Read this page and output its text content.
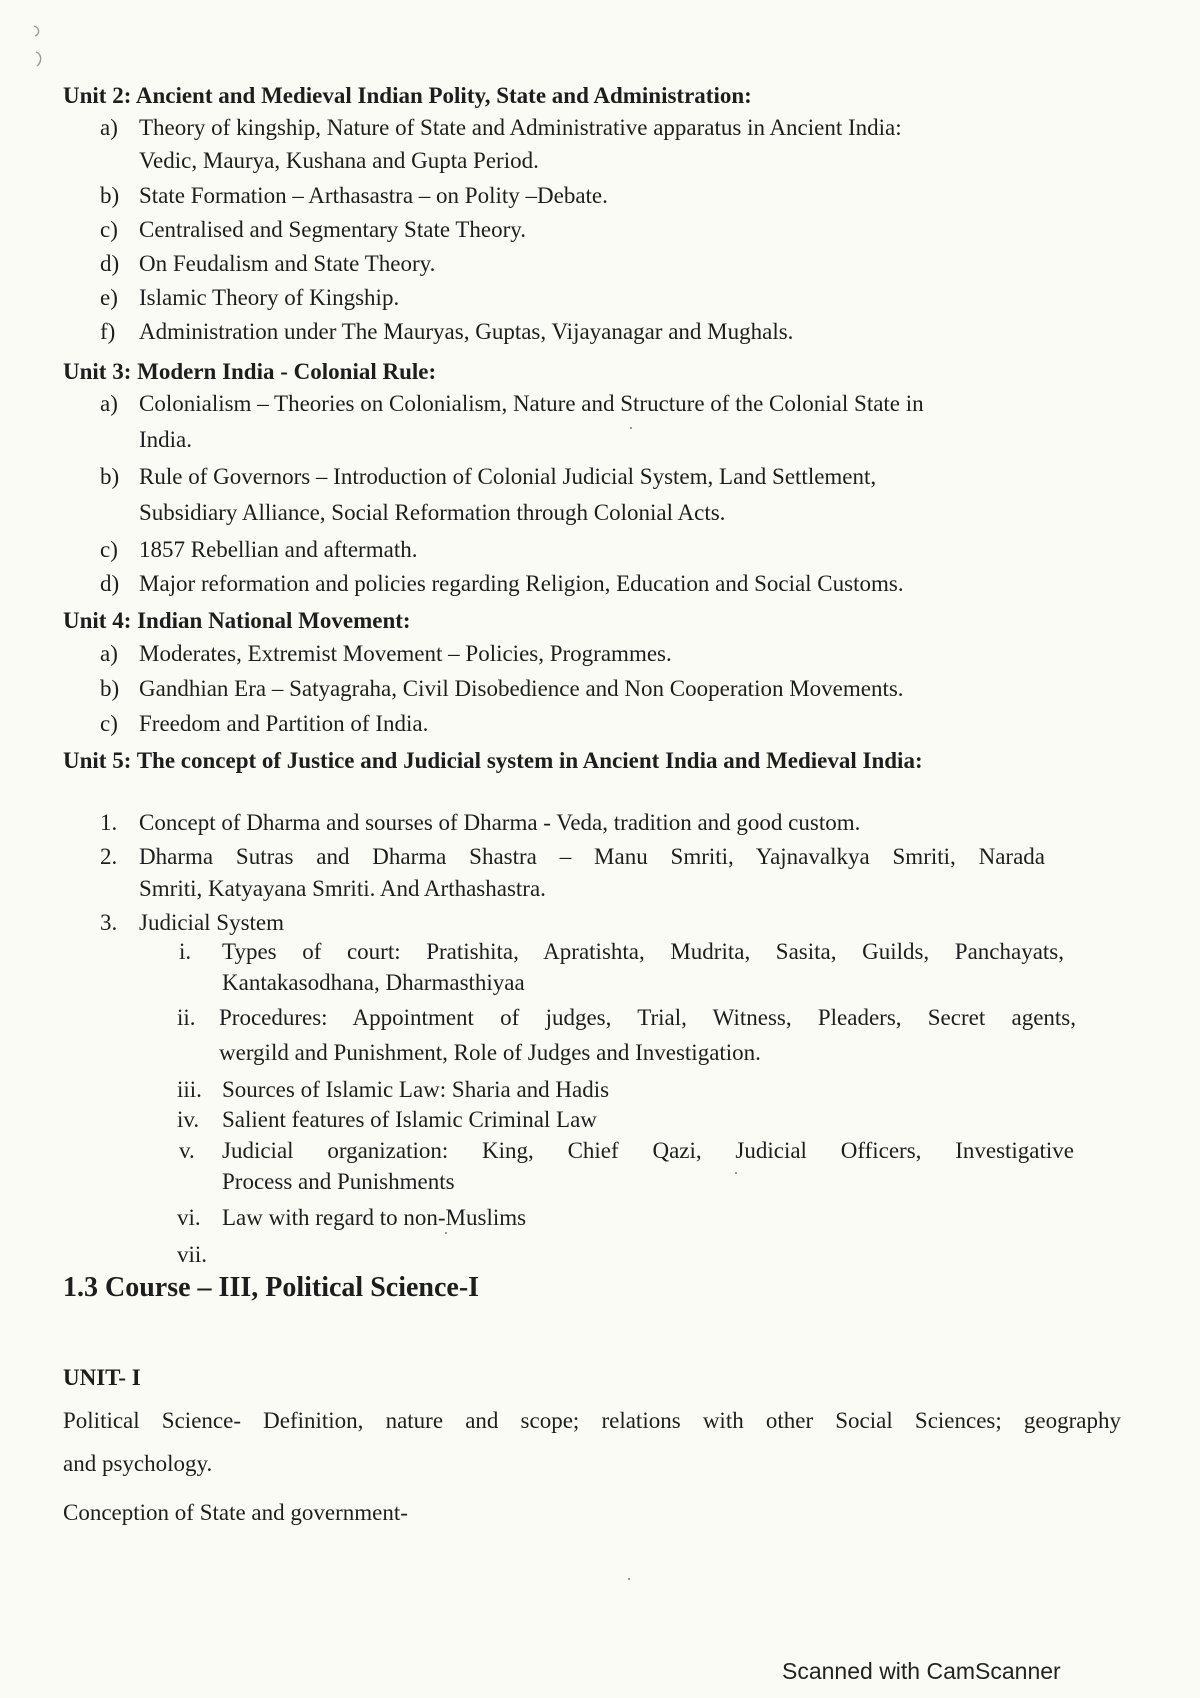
Unit 2: Ancient and Medieval Indian Polity, State and Administration:
a) Theory of kingship, Nature of State and Administrative apparatus in Ancient India:
Vedic, Maurya, Kushana and Gupta Period.
b) State Formation – Arthasastra – on Polity –Debate.
c) Centralised and Segmentary State Theory.
d) On Feudalism and State Theory.
e) Islamic Theory of Kingship.
f) Administration under The Mauryas, Guptas, Vijayanagar and Mughals.
Unit 3: Modern India - Colonial Rule:
a) Colonialism – Theories on Colonialism, Nature and Structure of the Colonial State in
India.
b) Rule of Governors – Introduction of Colonial Judicial System, Land Settlement,
Subsidiary Alliance, Social Reformation through Colonial Acts.
c) 1857 Rebellian and aftermath.
d) Major reformation and policies regarding Religion, Education and Social Customs.
Unit 4: Indian National Movement:
a) Moderates, Extremist Movement – Policies, Programmes.
b) Gandhian Era – Satyagraha, Civil Disobedience and Non Cooperation Movements.
c) Freedom and Partition of India.
Unit 5: The concept of Justice and Judicial system in Ancient India and Medieval India:
1. Concept of Dharma and sourses of Dharma - Veda, tradition and good custom.
2. Dharma Sutras and Dharma Shastra – Manu Smriti, Yajnavalkya Smriti, Narada
Smriti, Katyayana Smriti. And Arthashastra.
3. Judicial System
i. Types of court: Pratishita, Apratishta, Mudrita, Sasita, Guilds, Panchayats,
Kantakasodhana, Dharmasthiyaa
ii. Procedures: Appointment of judges, Trial, Witness, Pleaders, Secret agents,
wergild and Punishment, Role of Judges and Investigation.
iii. Sources of Islamic Law: Sharia and Hadis
iv. Salient features of Islamic Criminal Law
v. Judicial organization: King, Chief Qazi, Judicial Officers, Investigative
Process and Punishments
vi. Law with regard to non-Muslims
vii.
1.3 Course – III, Political Science-I
UNIT- I
Political Science- Definition, nature and scope; relations with other Social Sciences; geography
and psychology.
Conception of State and government-
Scanned with CamScanner
